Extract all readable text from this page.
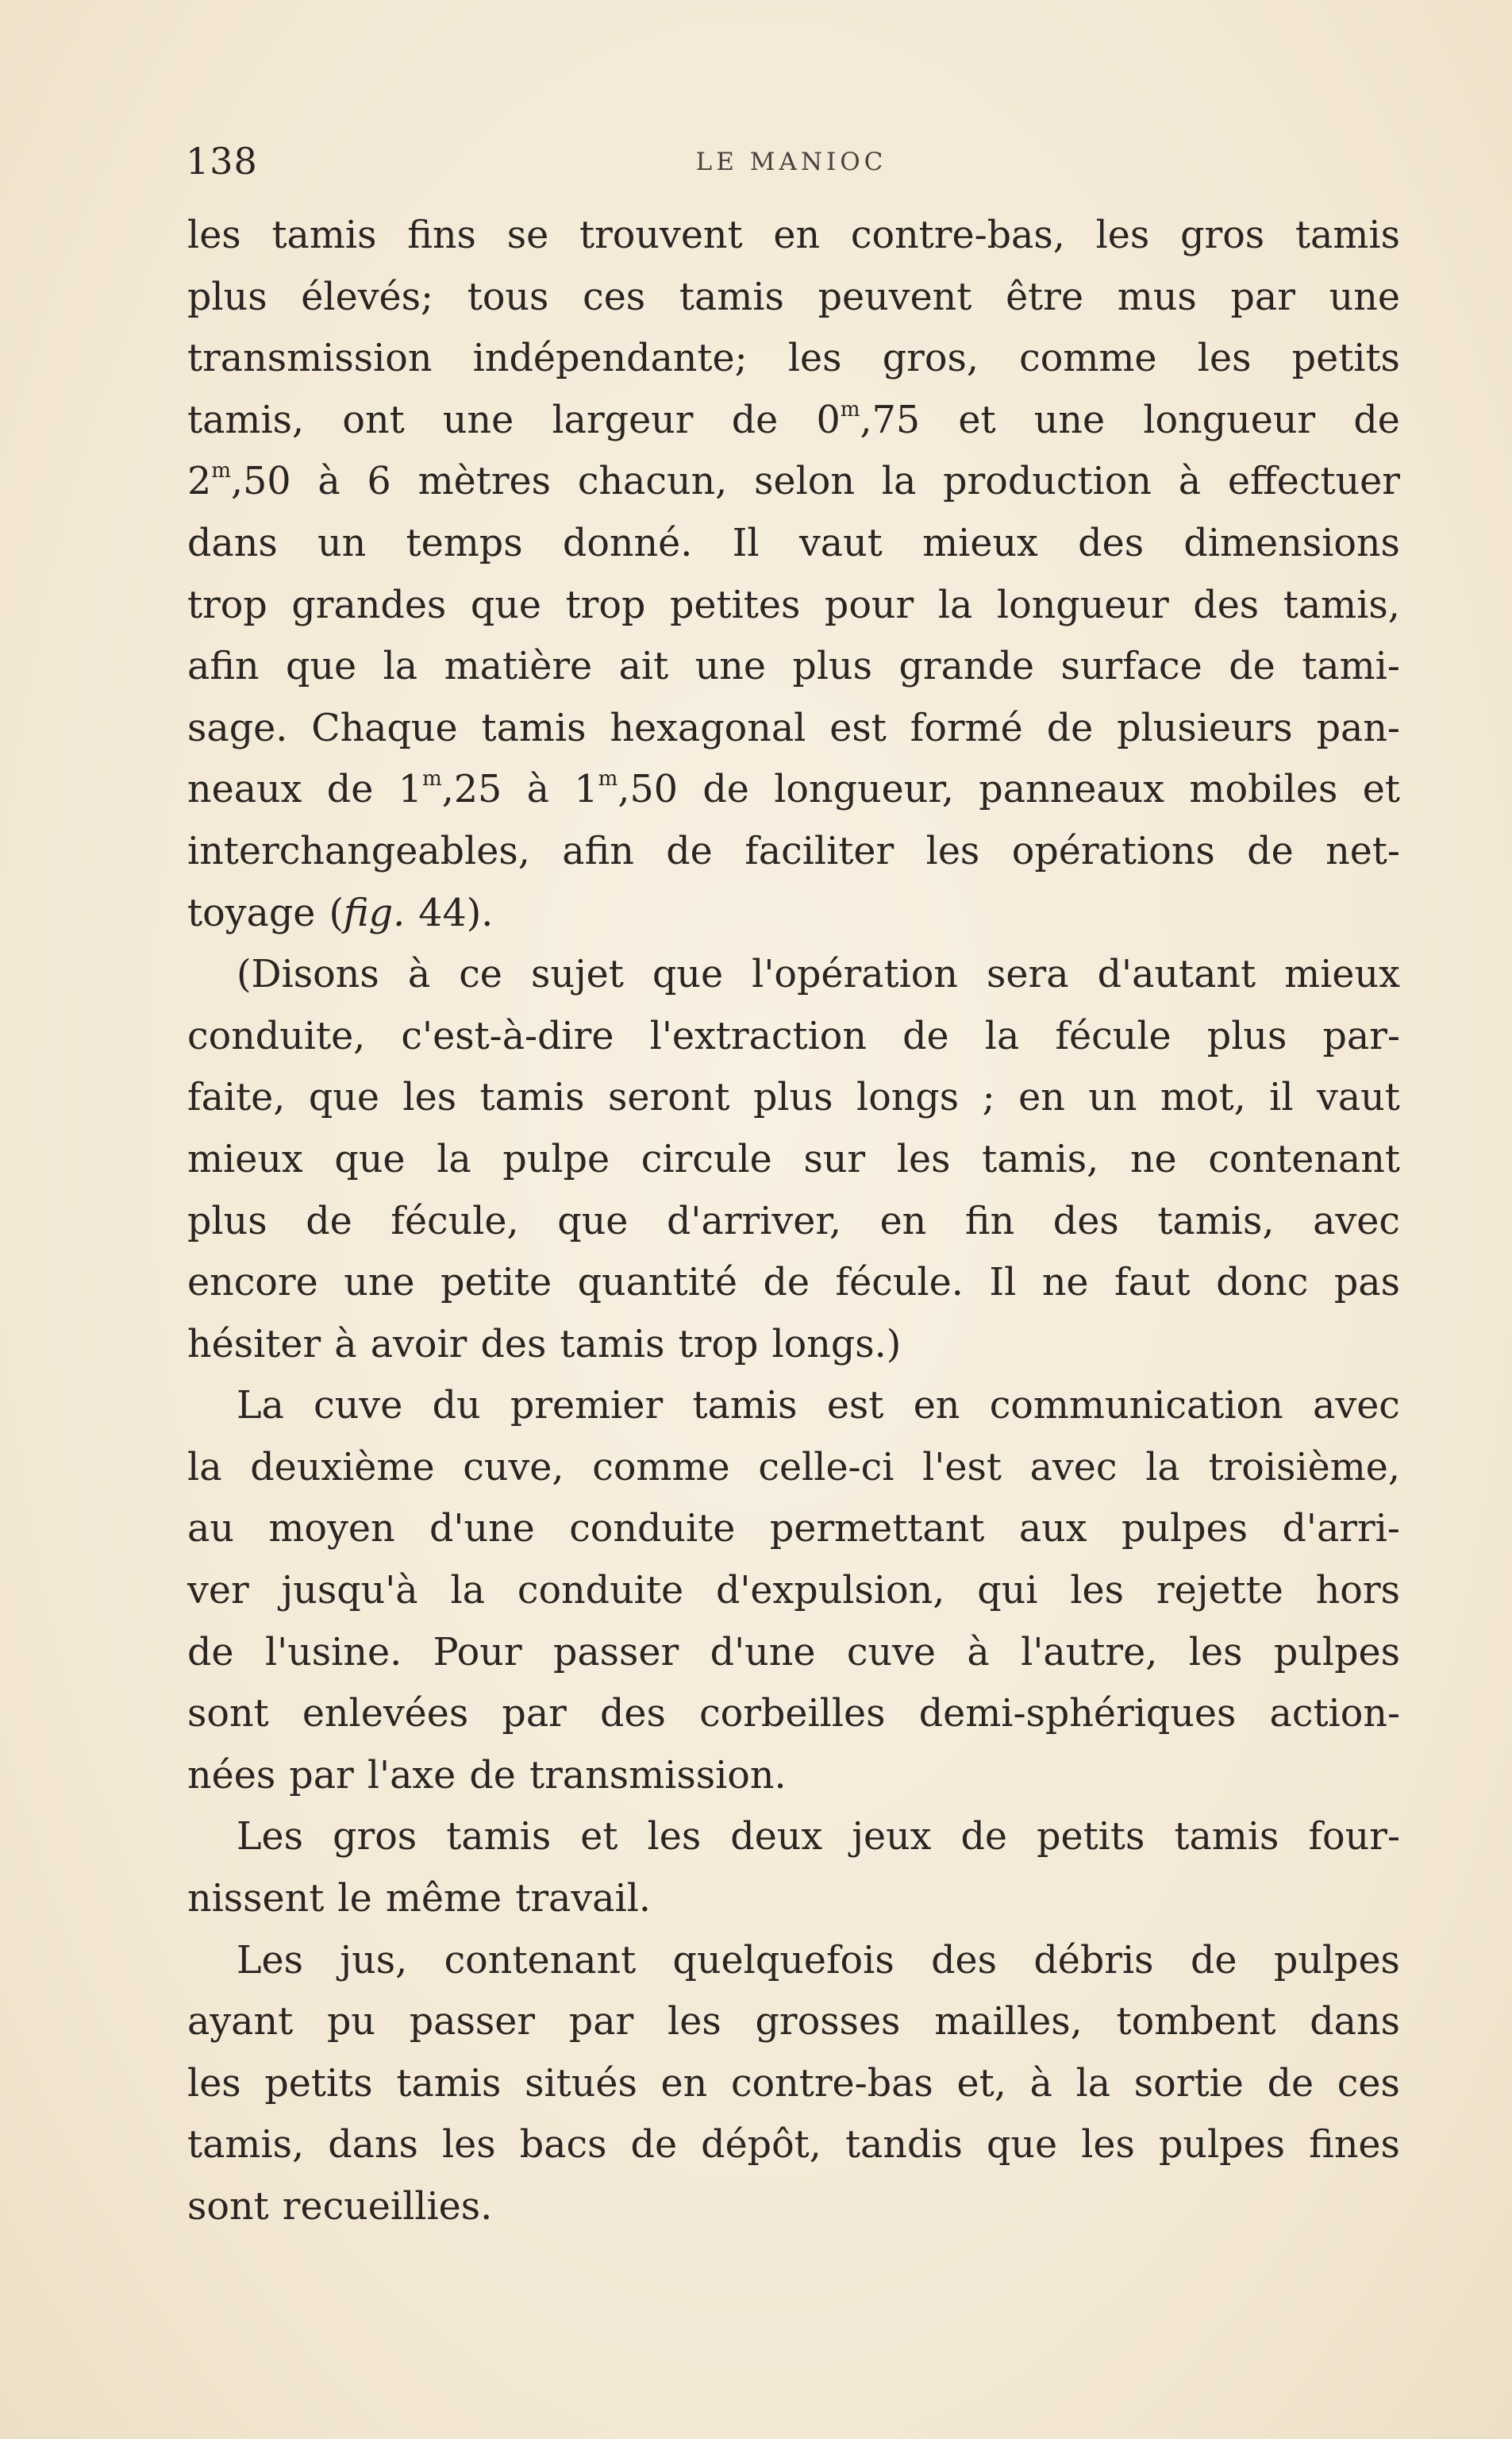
138	LE MANIOC

les tamis fins se trouvent en contre-bas, les gros tamis
plus élevés; tous ces tamis peuvent être mus par une
transmission indépendante; les gros, comme les petits
tamis, ont une largeur de 0$^m$,75 et une longueur de
2$^m$,50 à 6 mètres chacun, selon la production à effectuer
dans un temps donné. Il vaut mieux des dimensions
trop grandes que trop petites pour la longueur des tamis,
afin que la matière ait une plus grande surface de tami-
sage. Chaque tamis hexagonal est formé de plusieurs pan-
neaux de 1$^m$,25 à 1$^m$,50 de longueur, panneaux mobiles et
interchangeables, afin de faciliter les opérations de net-
toyage (fig. 44).

(Disons à ce sujet que l'opération sera d'autant mieux
conduite, c'est-à-dire l'extraction de la fécule plus par-
faite, que les tamis seront plus longs ; en un mot, il vaut
mieux que la pulpe circule sur les tamis, ne contenant
plus de fécule, que d'arriver, en fin des tamis, avec
encore une petite quantité de fécule. Il ne faut donc pas
hésiter à avoir des tamis trop longs.)

La cuve du premier tamis est en communication avec
la deuxième cuve, comme celle-ci l'est avec la troisième,
au moyen d'une conduite permettant aux pulpes d'arri-
ver jusqu'à la conduite d'expulsion, qui les rejette hors
de l'usine. Pour passer d'une cuve à l'autre, les pulpes
sont enlevées par des corbeilles demi-sphériques action-
nées par l'axe de transmission.

Les gros tamis et les deux jeux de petits tamis four-
nissent le même travail.

Les jus, contenant quelquefois des débris de pulpes
ayant pu passer par les grosses mailles, tombent dans
les petits tamis situés en contre-bas et, à la sortie de ces
tamis, dans les bacs de dépôt, tandis que les pulpes fines
sont recueillies.
